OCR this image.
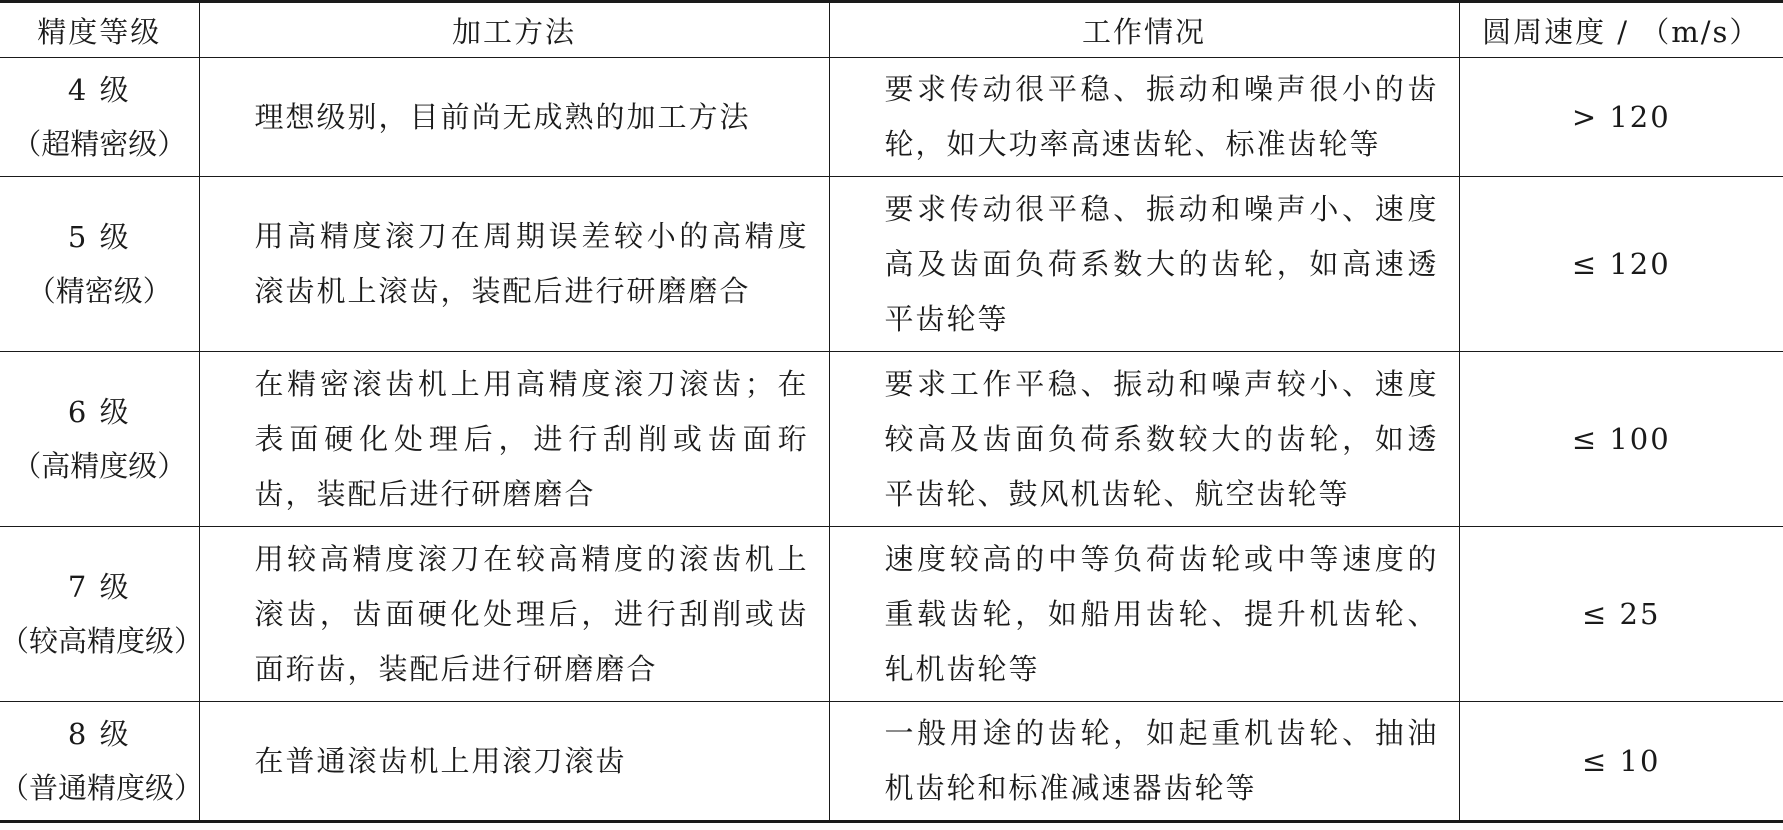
精度等级	加工方法	工作情况	圆周速度 / （m/s）

4 级
（超精密级）	理想级别，目前尚无成熟的加工方法	要求传动很平稳、振动和噪声很小的齿轮，如大功率高速齿轮、标准齿轮等	> 120

5 级
（精密级）	用高精度滚刀在周期误差较小的高精度滚齿机上滚齿，装配后进行研磨磨合	要求传动很平稳、振动和噪声小、速度高及齿面负荷系数大的齿轮，如高速透平齿轮等	≤ 120

6 级
（高精度级）	在精密滚齿机上用高精度滚刀滚齿；在表面硬化处理后，进行刮削或齿面珩齿，装配后进行研磨磨合	要求工作平稳、振动和噪声较小、速度较高及齿面负荷系数较大的齿轮，如透平齿轮、鼓风机齿轮、航空齿轮等	≤ 100

7 级
（较高精度级）	用较高精度滚刀在较高精度的滚齿机上滚齿，齿面硬化处理后，进行刮削或齿面珩齿，装配后进行研磨磨合	速度较高的中等负荷齿轮或中等速度的重载齿轮，如船用齿轮、提升机齿轮、轧机齿轮等	≤ 25

8 级
（普通精度级）	在普通滚齿机上用滚刀滚齿	一般用途的齿轮，如起重机齿轮、抽油机齿轮和标准减速器齿轮等	≤ 10
